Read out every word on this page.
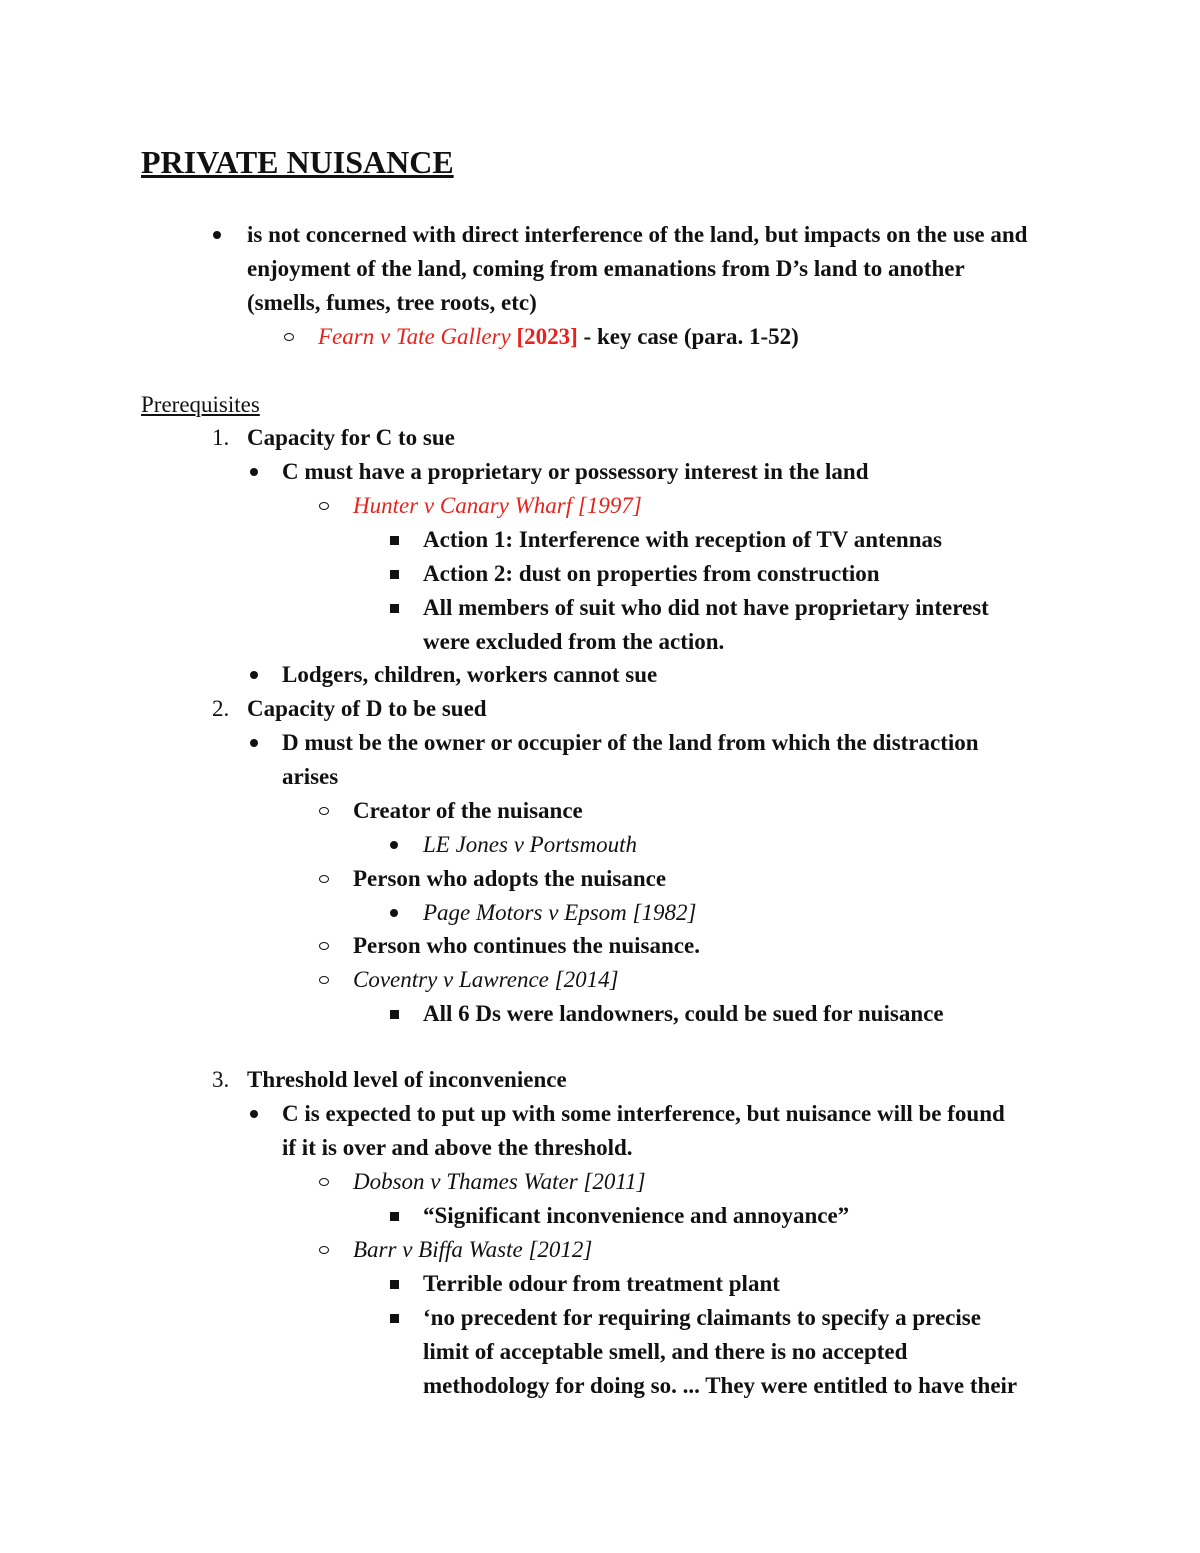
PRIVATE NUISANCE
is not concerned with direct interference of the land, but impacts on the use and
enjoyment of the land, coming from emanations from D’s land to another
(smells, fumes, tree roots, etc)
Fearn v Tate Gallery [2023] - key case (para. 1-52)
Prerequisites
1. Capacity for C to sue
C must have a proprietary or possessory interest in the land
Hunter v Canary Wharf [1997]
Action 1: Interference with reception of TV antennas
Action 2: dust on properties from construction
All members of suit who did not have proprietary interest
were excluded from the action.
Lodgers, children, workers cannot sue
2. Capacity of D to be sued
D must be the owner or occupier of the land from which the distraction
arises
Creator of the nuisance
LE Jones v Portsmouth
Person who adopts the nuisance
Page Motors v Epsom [1982]
Person who continues the nuisance.
Coventry v Lawrence [2014]
All 6 Ds were landowners, could be sued for nuisance
3. Threshold level of inconvenience
C is expected to put up with some interference, but nuisance will be found
if it is over and above the threshold.
Dobson v Thames Water [2011]
“Significant inconvenience and annoyance”
Barr v Biffa Waste [2012]
Terrible odour from treatment plant
‘no precedent for requiring claimants to specify a precise
limit of acceptable smell, and there is no accepted
methodology for doing so. ... They were entitled to have their
